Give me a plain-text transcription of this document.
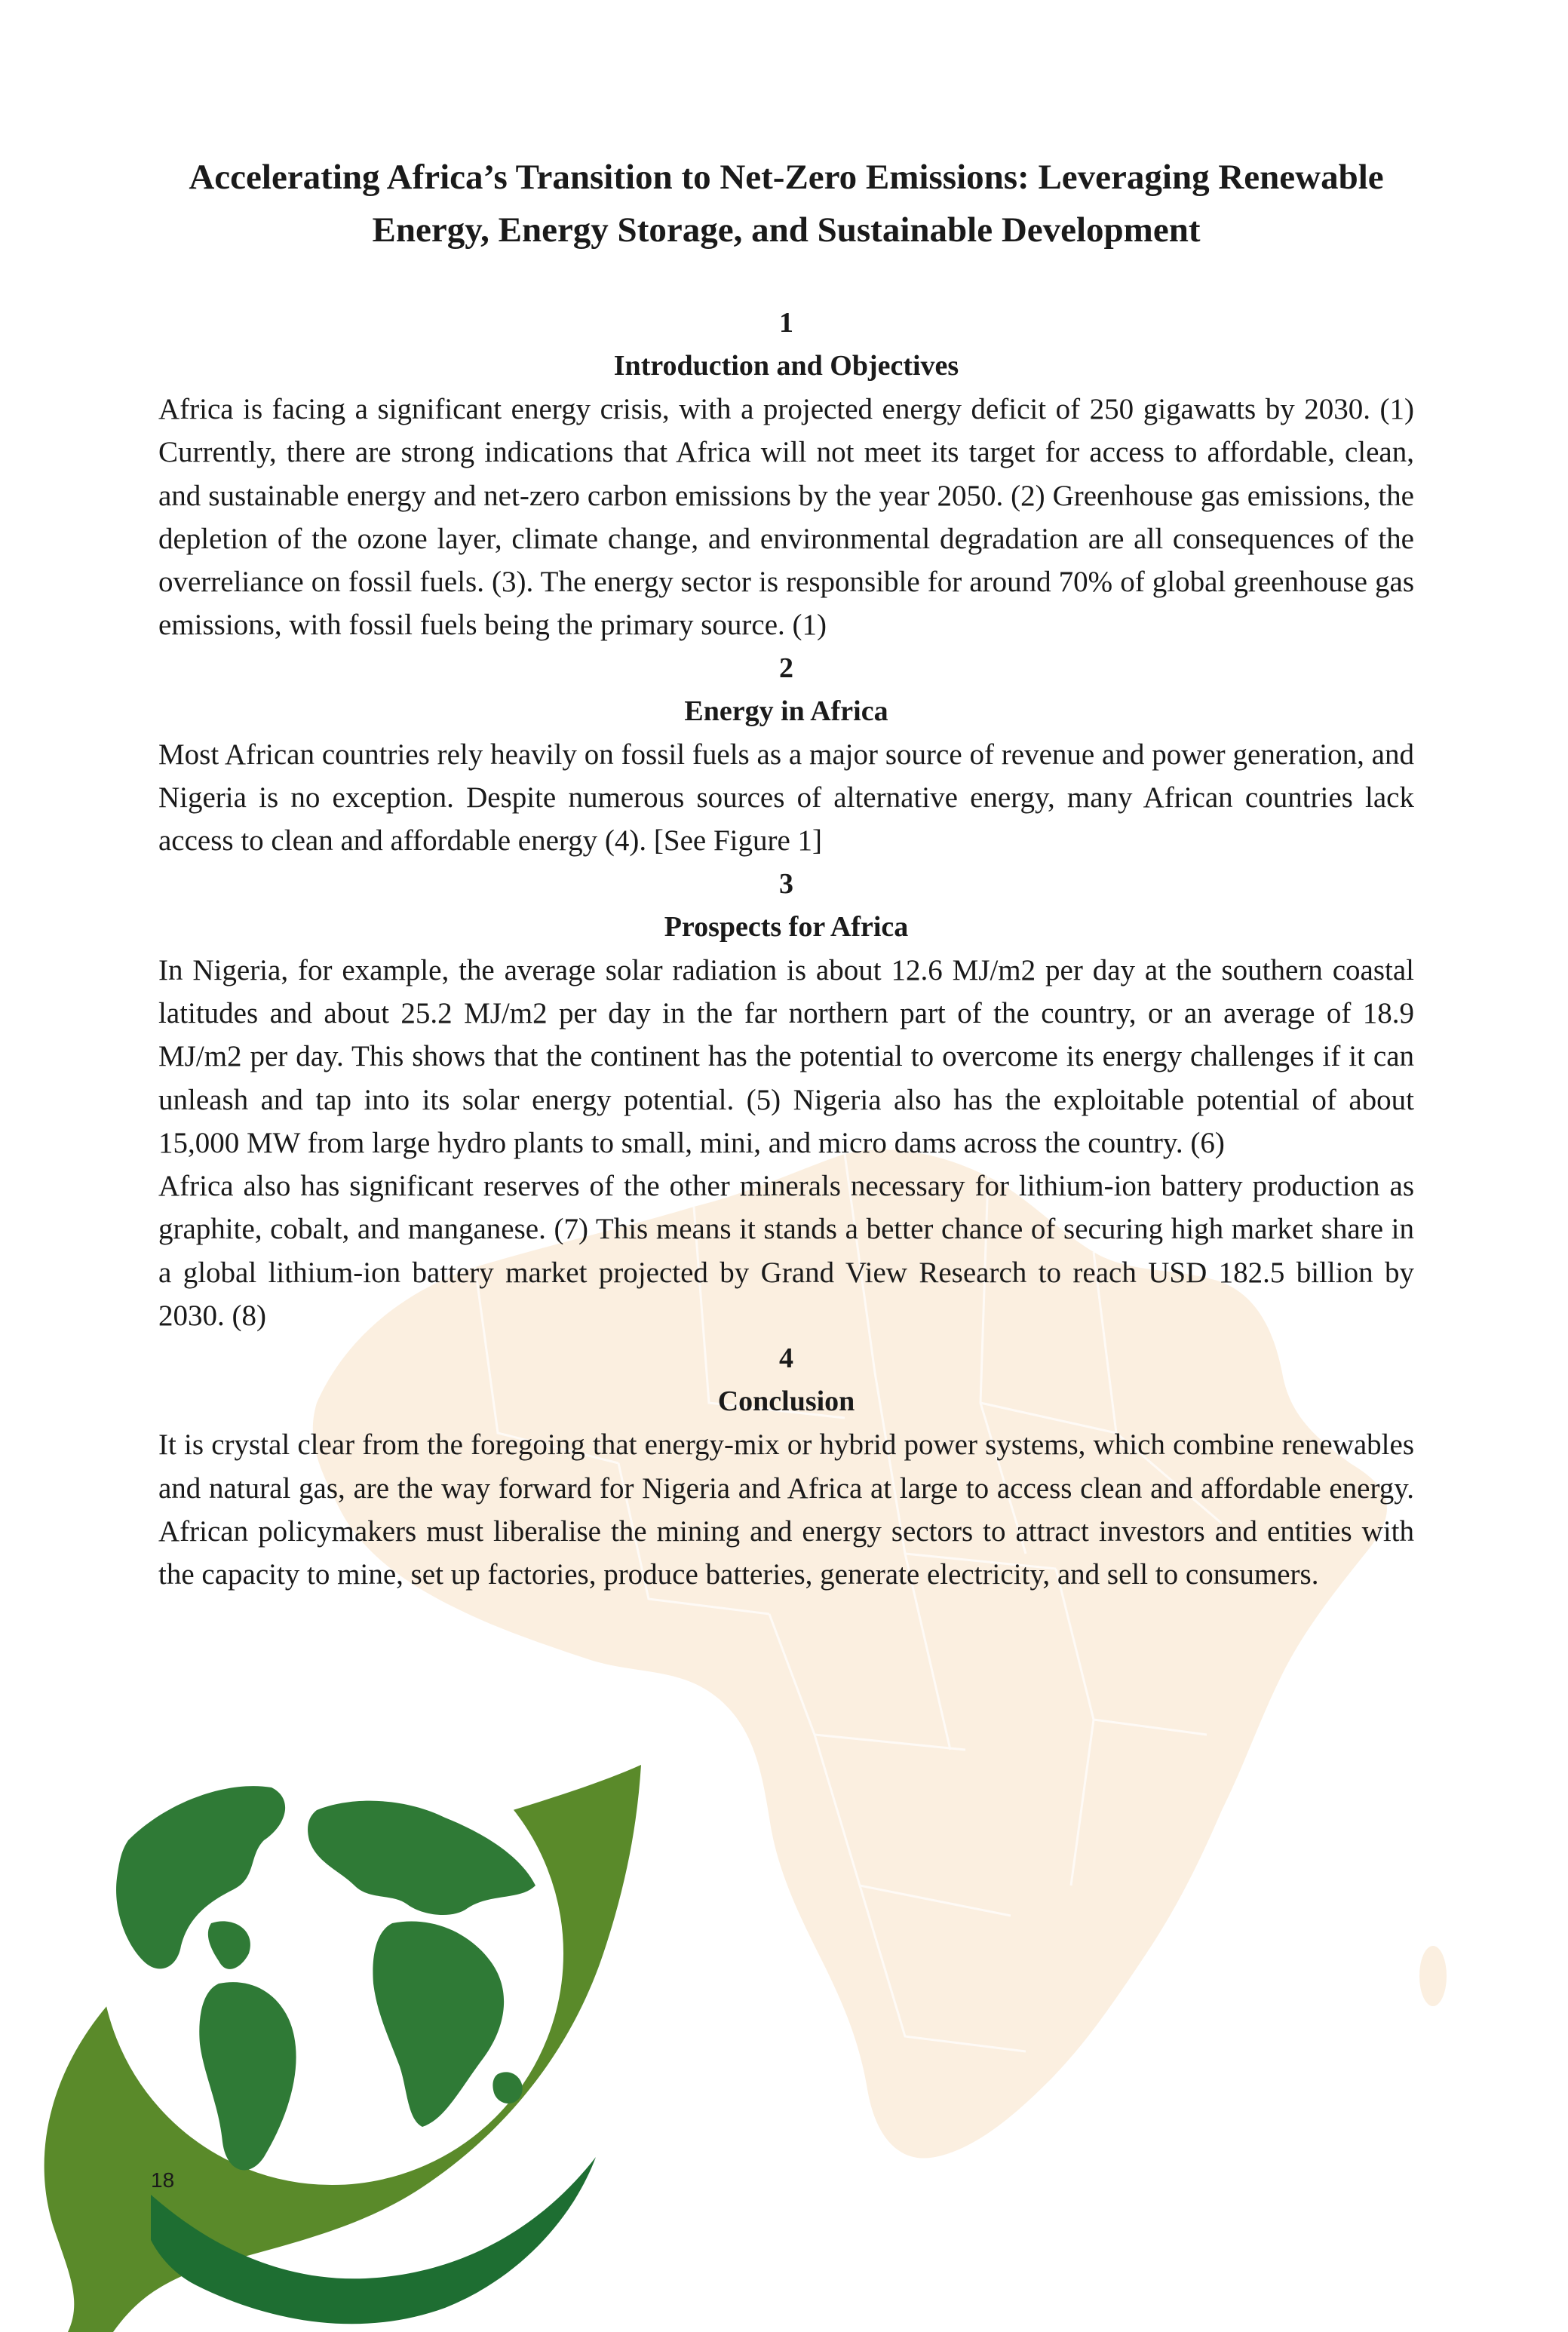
Accelerating Africa’s Transition to Net-Zero Emissions: Leveraging Renewable Energy, Energy Storage, and Sustainable Development

1

Introduction and Objectives

Africa is facing a significant energy crisis, with a projected energy deficit of 250 gigawatts by 2030. (1) Currently, there are strong indications that Africa will not meet its target for access to affordable, clean, and sustainable energy and net-zero carbon emissions by the year 2050. (2) Greenhouse gas emissions, the depletion of the ozone layer, climate change, and environmental degradation are all consequences of the overreliance on fossil fuels. (3). The energy sector is responsible for around 70% of global greenhouse gas emissions, with fossil fuels being the primary source. (1)

2

Energy in Africa

Most African countries rely heavily on fossil fuels as a major source of revenue and power generation, and Nigeria is no exception. Despite numerous sources of alternative energy, many African countries lack access to clean and affordable energy (4). [See Figure 1]

3

Prospects for Africa

In Nigeria, for example, the average solar radiation is about 12.6 MJ/m2 per day at the southern coastal latitudes and about 25.2 MJ/m2 per day in the far northern part of the country, or an average of 18.9 MJ/m2 per day. This shows that the continent has the potential to overcome its energy challenges if it can unleash and tap into its solar energy potential. (5) Nigeria also has the exploitable potential of about 15,000 MW from large hydro plants to small, mini, and micro dams across the country. (6)

Africa also has significant reserves of the other minerals necessary for lithium-ion battery production as graphite, cobalt, and manganese. (7) This means it stands a better chance of securing high market share in a global lithium-ion battery market projected by Grand View Research to reach USD 182.5 billion by 2030. (8)

4

Conclusion

It is crystal clear from the foregoing that energy-mix or hybrid power systems, which combine renewables and natural gas, are the way forward for Nigeria and Africa at large to access clean and affordable energy. African policymakers must liberalise the mining and energy sectors to attract investors and entities with the capacity to mine, set up factories, produce batteries, generate electricity, and sell to consumers.

18
